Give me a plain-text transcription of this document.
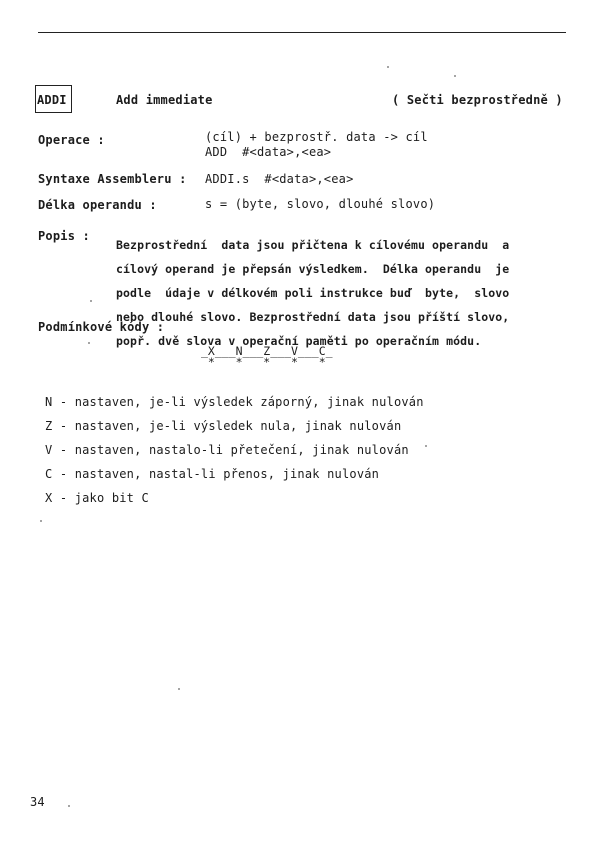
ADDI	Add immediate	( Sečti bezprostředně )
Operace :	(cíl) + bezprostř. data -> cíl
ADD  #<data>,<ea>
Syntaxe Assembleru : ADDI.s  #<data>,<ea>
Délka operandu :	s = (byte, slovo, dlouhé slovo)
Popis :

Bezprostřední  data jsou přičtena k cílovému operandu  a

cílový operand je přepsán výsledkem.  Délka operandu  je

podle  údaje v délkovém poli instrukce buď  byte,  slovo

nebo dlouhé slovo. Bezprostřední data jsou příští slovo,

popř. dvě slova v operační paměti po operačním módu.

Podmínkové kódy :
_X___N___Z___V___C_
*   *   *   *   *

N - nastaven, je-li výsledek záporný, jinak nulován

Z - nastaven, je-li výsledek nula, jinak nulován

V - nastaven, nastalo-li přetečení, jinak nulován

C - nastaven, nastal-li přenos, jinak nulován

X - jako bit C

34
